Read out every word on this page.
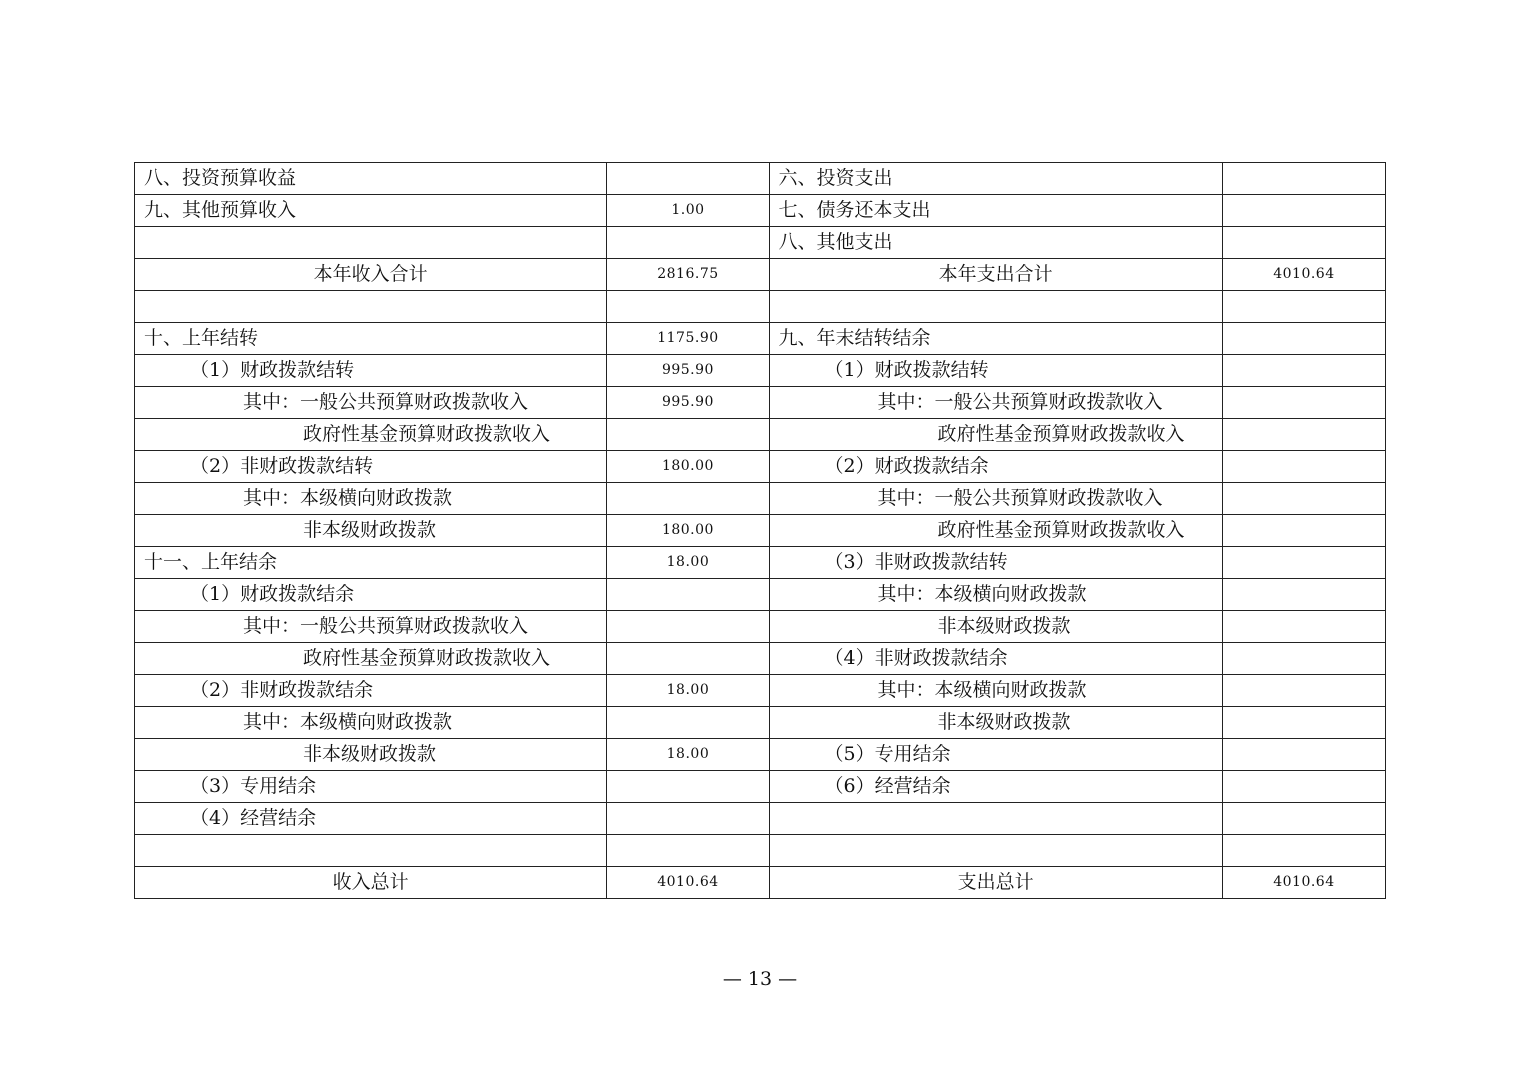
八、投资预算收益		六、投资支出	
九、其他预算收入	1.00	七、债务还本支出	
		八、其他支出	
本年收入合计	2816.75	本年支出合计	4010.64

十、上年结转	1175.90	九、年末结转结余	
（1）财政拨款结转	995.90	（1）财政拨款结转	
其中：一般公共预算财政拨款收入	995.90	其中：一般公共预算财政拨款收入	
政府性基金预算财政拨款收入		政府性基金预算财政拨款收入	
（2）非财政拨款结转	180.00	（2）财政拨款结余	
其中：本级横向财政拨款		其中：一般公共预算财政拨款收入	
非本级财政拨款	180.00	政府性基金预算财政拨款收入	
十一、上年结余	18.00	（3）非财政拨款结转	
（1）财政拨款结余		其中：本级横向财政拨款	
其中：一般公共预算财政拨款收入		非本级财政拨款	
政府性基金预算财政拨款收入		（4）非财政拨款结余	
（2）非财政拨款结余	18.00	其中：本级横向财政拨款	
其中：本级横向财政拨款		非本级财政拨款	
非本级财政拨款	18.00	（5）专用结余	
（3）专用结余		（6）经营结余	
（4）经营结余			

收入总计	4010.64	支出总计	4010.64
— 13 —
